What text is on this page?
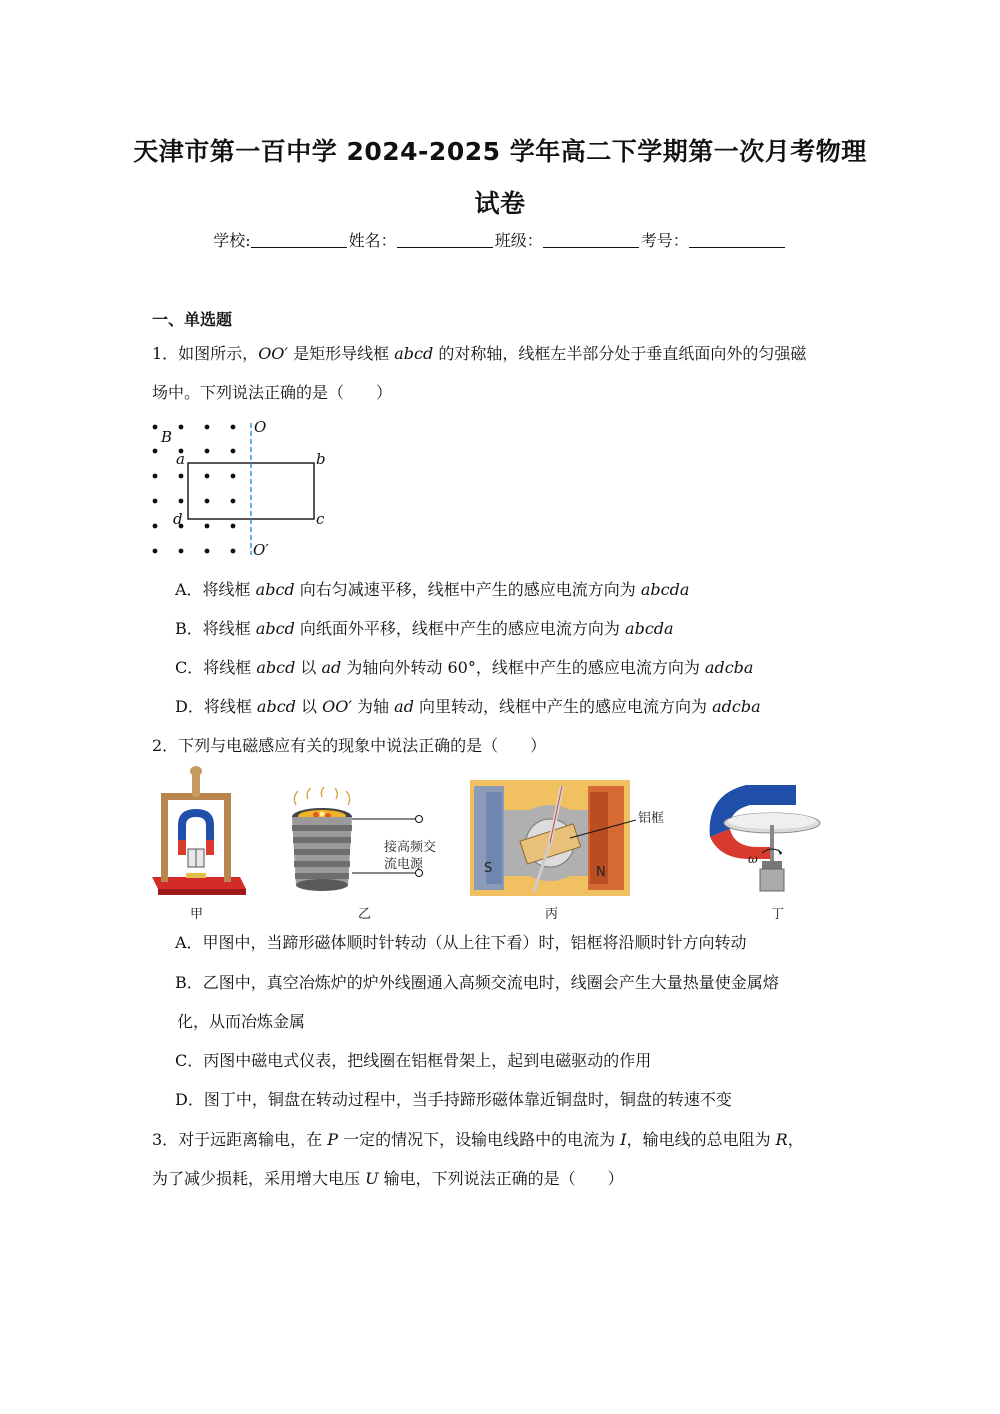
天津市第一百中学 2024-2025 学年高二下学期第一次月考物理
试卷
学校:	姓名：	班级：	考号：
一、单选题
1．如图所示，OO′ 是矩形导线框 abcd 的对称轴，线框左半部分处于垂直纸面向外的匀强磁
场中。下列说法正确的是（　　）
B
O
O′
a	b
c
d
A．将线框 abcd 向右匀减速平移，线框中产生的感应电流方向为 abcda
B．将线框 abcd 向纸面外平移，线框中产生的感应电流方向为 abcda
C．将线框 abcd 以 ad 为轴向外转动 60°，线框中产生的感应电流方向为 adcba
D．将线框 abcd 以 OO′ 为轴 ad 向里转动，线框中产生的感应电流方向为 adcba
2．下列与电磁感应有关的现象中说法正确的是（　　）
甲
接高频交
流电源
乙
S	N
铝框
丙
ω
丁
A．甲图中，当蹄形磁体顺时针转动（从上往下看）时，铝框将沿顺时针方向转动
B．乙图中，真空冶炼炉的炉外线圈通入高频交流电时，线圈会产生大量热量使金属熔
化，从而冶炼金属
C．丙图中磁电式仪表，把线圈在铝框骨架上，起到电磁驱动的作用
D．图丁中，铜盘在转动过程中，当手持蹄形磁体靠近铜盘时，铜盘的转速不变
3．对于远距离输电，在 P 一定的情况下，设输电线路中的电流为 I，输电线的总电阻为 R，
为了减少损耗，采用增大电压 U 输电，下列说法正确的是（　　）
